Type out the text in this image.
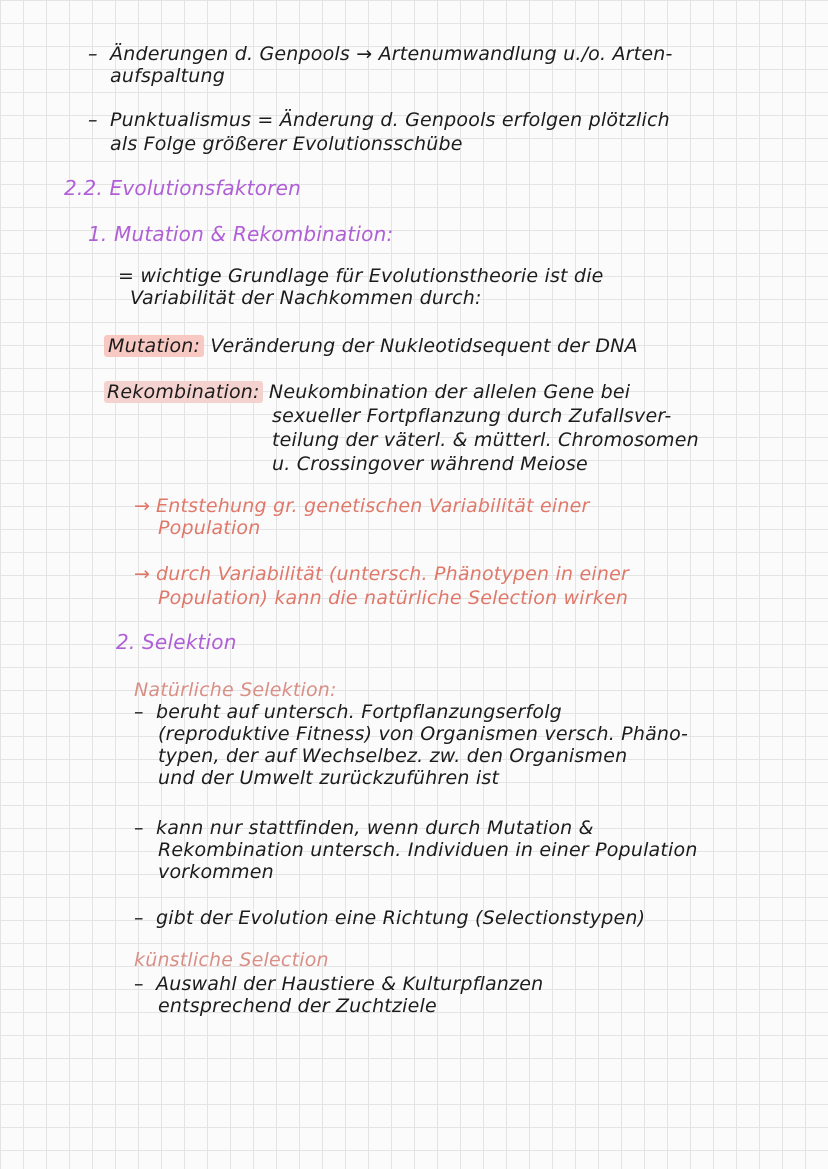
– Änderungen d. Genpools → Artenumwandlung u./o. Arten-
aufspaltung
– Punktualismus = Änderung d. Genpools erfolgen plötzlich
als Folge größerer Evolutionsschübe
2.2. Evolutionsfaktoren
1. Mutation & Rekombination:
= wichtige Grundlage für Evolutionstheorie ist die
Variabilität der Nachkommen durch:
Mutation: Veränderung der Nukleotidsequent der DNA
Rekombination: Neukombination der allelen Gene bei
sexueller Fortpflanzung durch Zufallsver-
teilung der väterl. & mütterl. Chromosomen
u. Crossingover während Meiose
→ Entstehung gr. genetischen Variabilität einer
Population
→ durch Variabilität (untersch. Phänotypen in einer
Population) kann die natürliche Selection wirken
2. Selektion
Natürliche Selektion:
– beruht auf untersch. Fortpflanzungserfolg
(reproduktive Fitness) von Organismen versch. Phäno-
typen, der auf Wechselbez. zw. den Organismen
und der Umwelt zurückzuführen ist
– kann nur stattfinden, wenn durch Mutation &
Rekombination untersch. Individuen in einer Population
vorkommen
– gibt der Evolution eine Richtung (Selectionstypen)
künstliche Selection
– Auswahl der Haustiere & Kulturpflanzen
entsprechend der Zuchtziele
